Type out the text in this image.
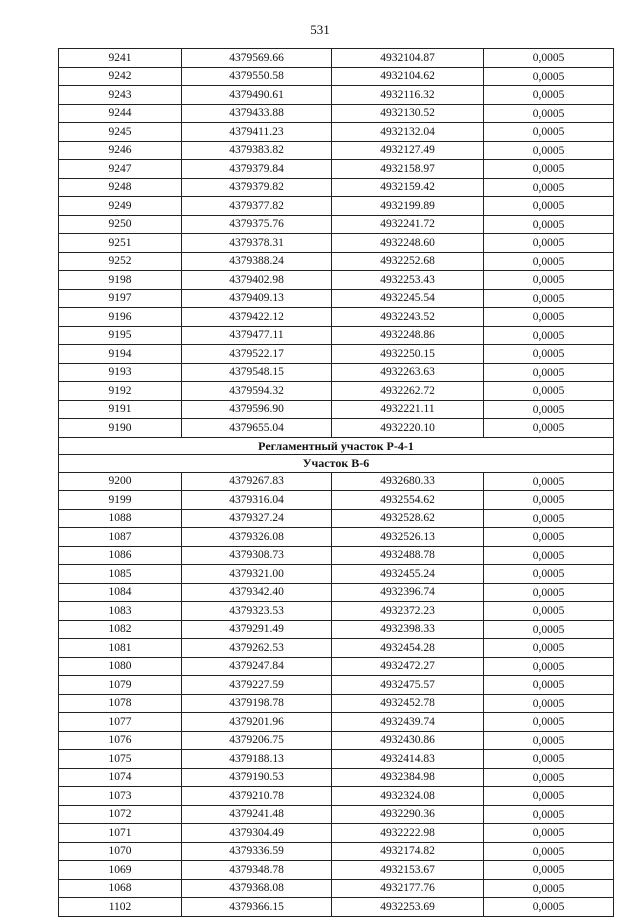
531
9241	4379569.66	4932104.87	0,0005
9242	4379550.58	4932104.62	0,0005
9243	4379490.61	4932116.32	0,0005
9244	4379433.88	4932130.52	0,0005
9245	4379411.23	4932132.04	0,0005
9246	4379383.82	4932127.49	0,0005
9247	4379379.84	4932158.97	0,0005
9248	4379379.82	4932159.42	0,0005
9249	4379377.82	4932199.89	0,0005
9250	4379375.76	4932241.72	0,0005
9251	4379378.31	4932248.60	0,0005
9252	4379388.24	4932252.68	0,0005
9198	4379402.98	4932253.43	0,0005
9197	4379409.13	4932245.54	0,0005
9196	4379422.12	4932243.52	0,0005
9195	4379477.11	4932248.86	0,0005
9194	4379522.17	4932250.15	0,0005
9193	4379548.15	4932263.63	0,0005
9192	4379594.32	4932262.72	0,0005
9191	4379596.90	4932221.11	0,0005
9190	4379655.04	4932220.10	0,0005
Регламентный участок Р-4-1			
Участок В-6			
9200	4379267.83	4932680.33	0,0005
9199	4379316.04	4932554.62	0,0005
1088	4379327.24	4932528.62	0,0005
1087	4379326.08	4932526.13	0,0005
1086	4379308.73	4932488.78	0,0005
1085	4379321.00	4932455.24	0,0005
1084	4379342.40	4932396.74	0,0005
1083	4379323.53	4932372.23	0,0005
1082	4379291.49	4932398.33	0,0005
1081	4379262.53	4932454.28	0,0005
1080	4379247.84	4932472.27	0,0005
1079	4379227.59	4932475.57	0,0005
1078	4379198.78	4932452.78	0,0005
1077	4379201.96	4932439.74	0,0005
1076	4379206.75	4932430.86	0,0005
1075	4379188.13	4932414.83	0,0005
1074	4379190.53	4932384.98	0,0005
1073	4379210.78	4932324.08	0,0005
1072	4379241.48	4932290.36	0,0005
1071	4379304.49	4932222.98	0,0005
1070	4379336.59	4932174.82	0,0005
1069	4379348.78	4932153.67	0,0005
1068	4379368.08	4932177.76	0,0005
1102	4379366.15	4932253.69	0,0005
